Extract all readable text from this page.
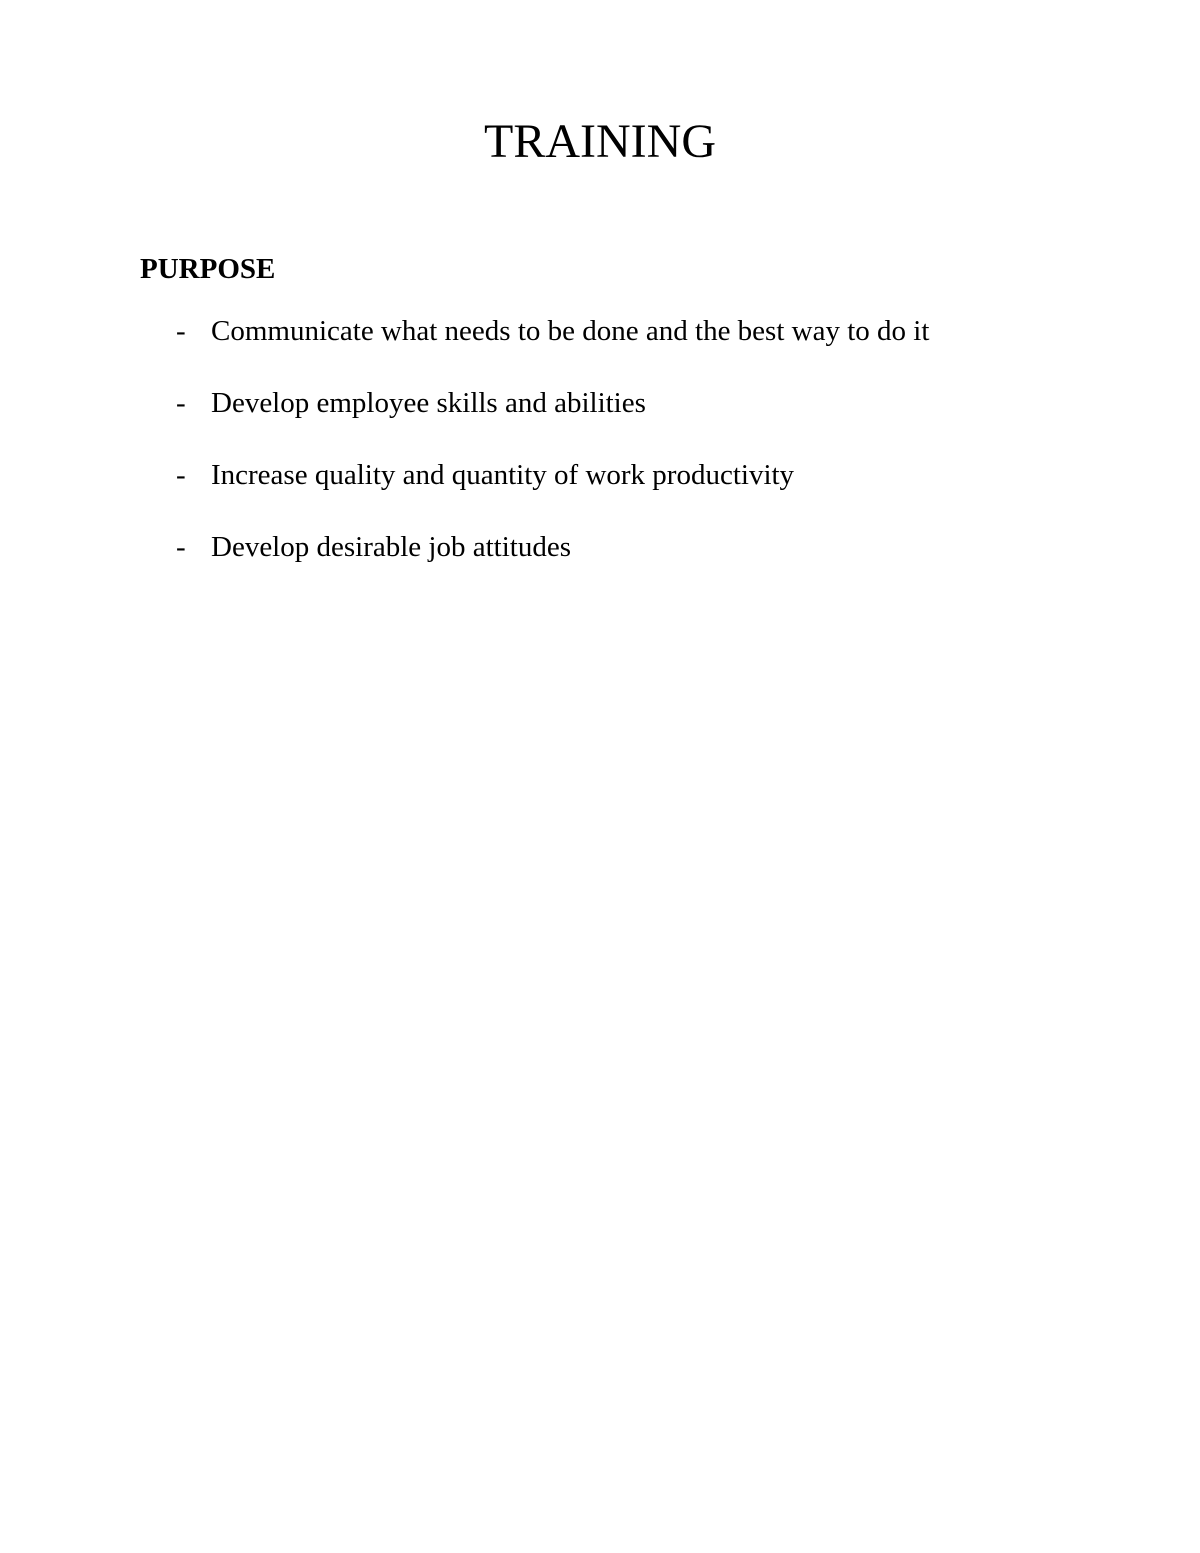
TRAINING
PURPOSE
- Communicate what needs to be done and the best way to do it
- Develop employee skills and abilities
- Increase quality and quantity of work productivity
- Develop desirable job attitudes
